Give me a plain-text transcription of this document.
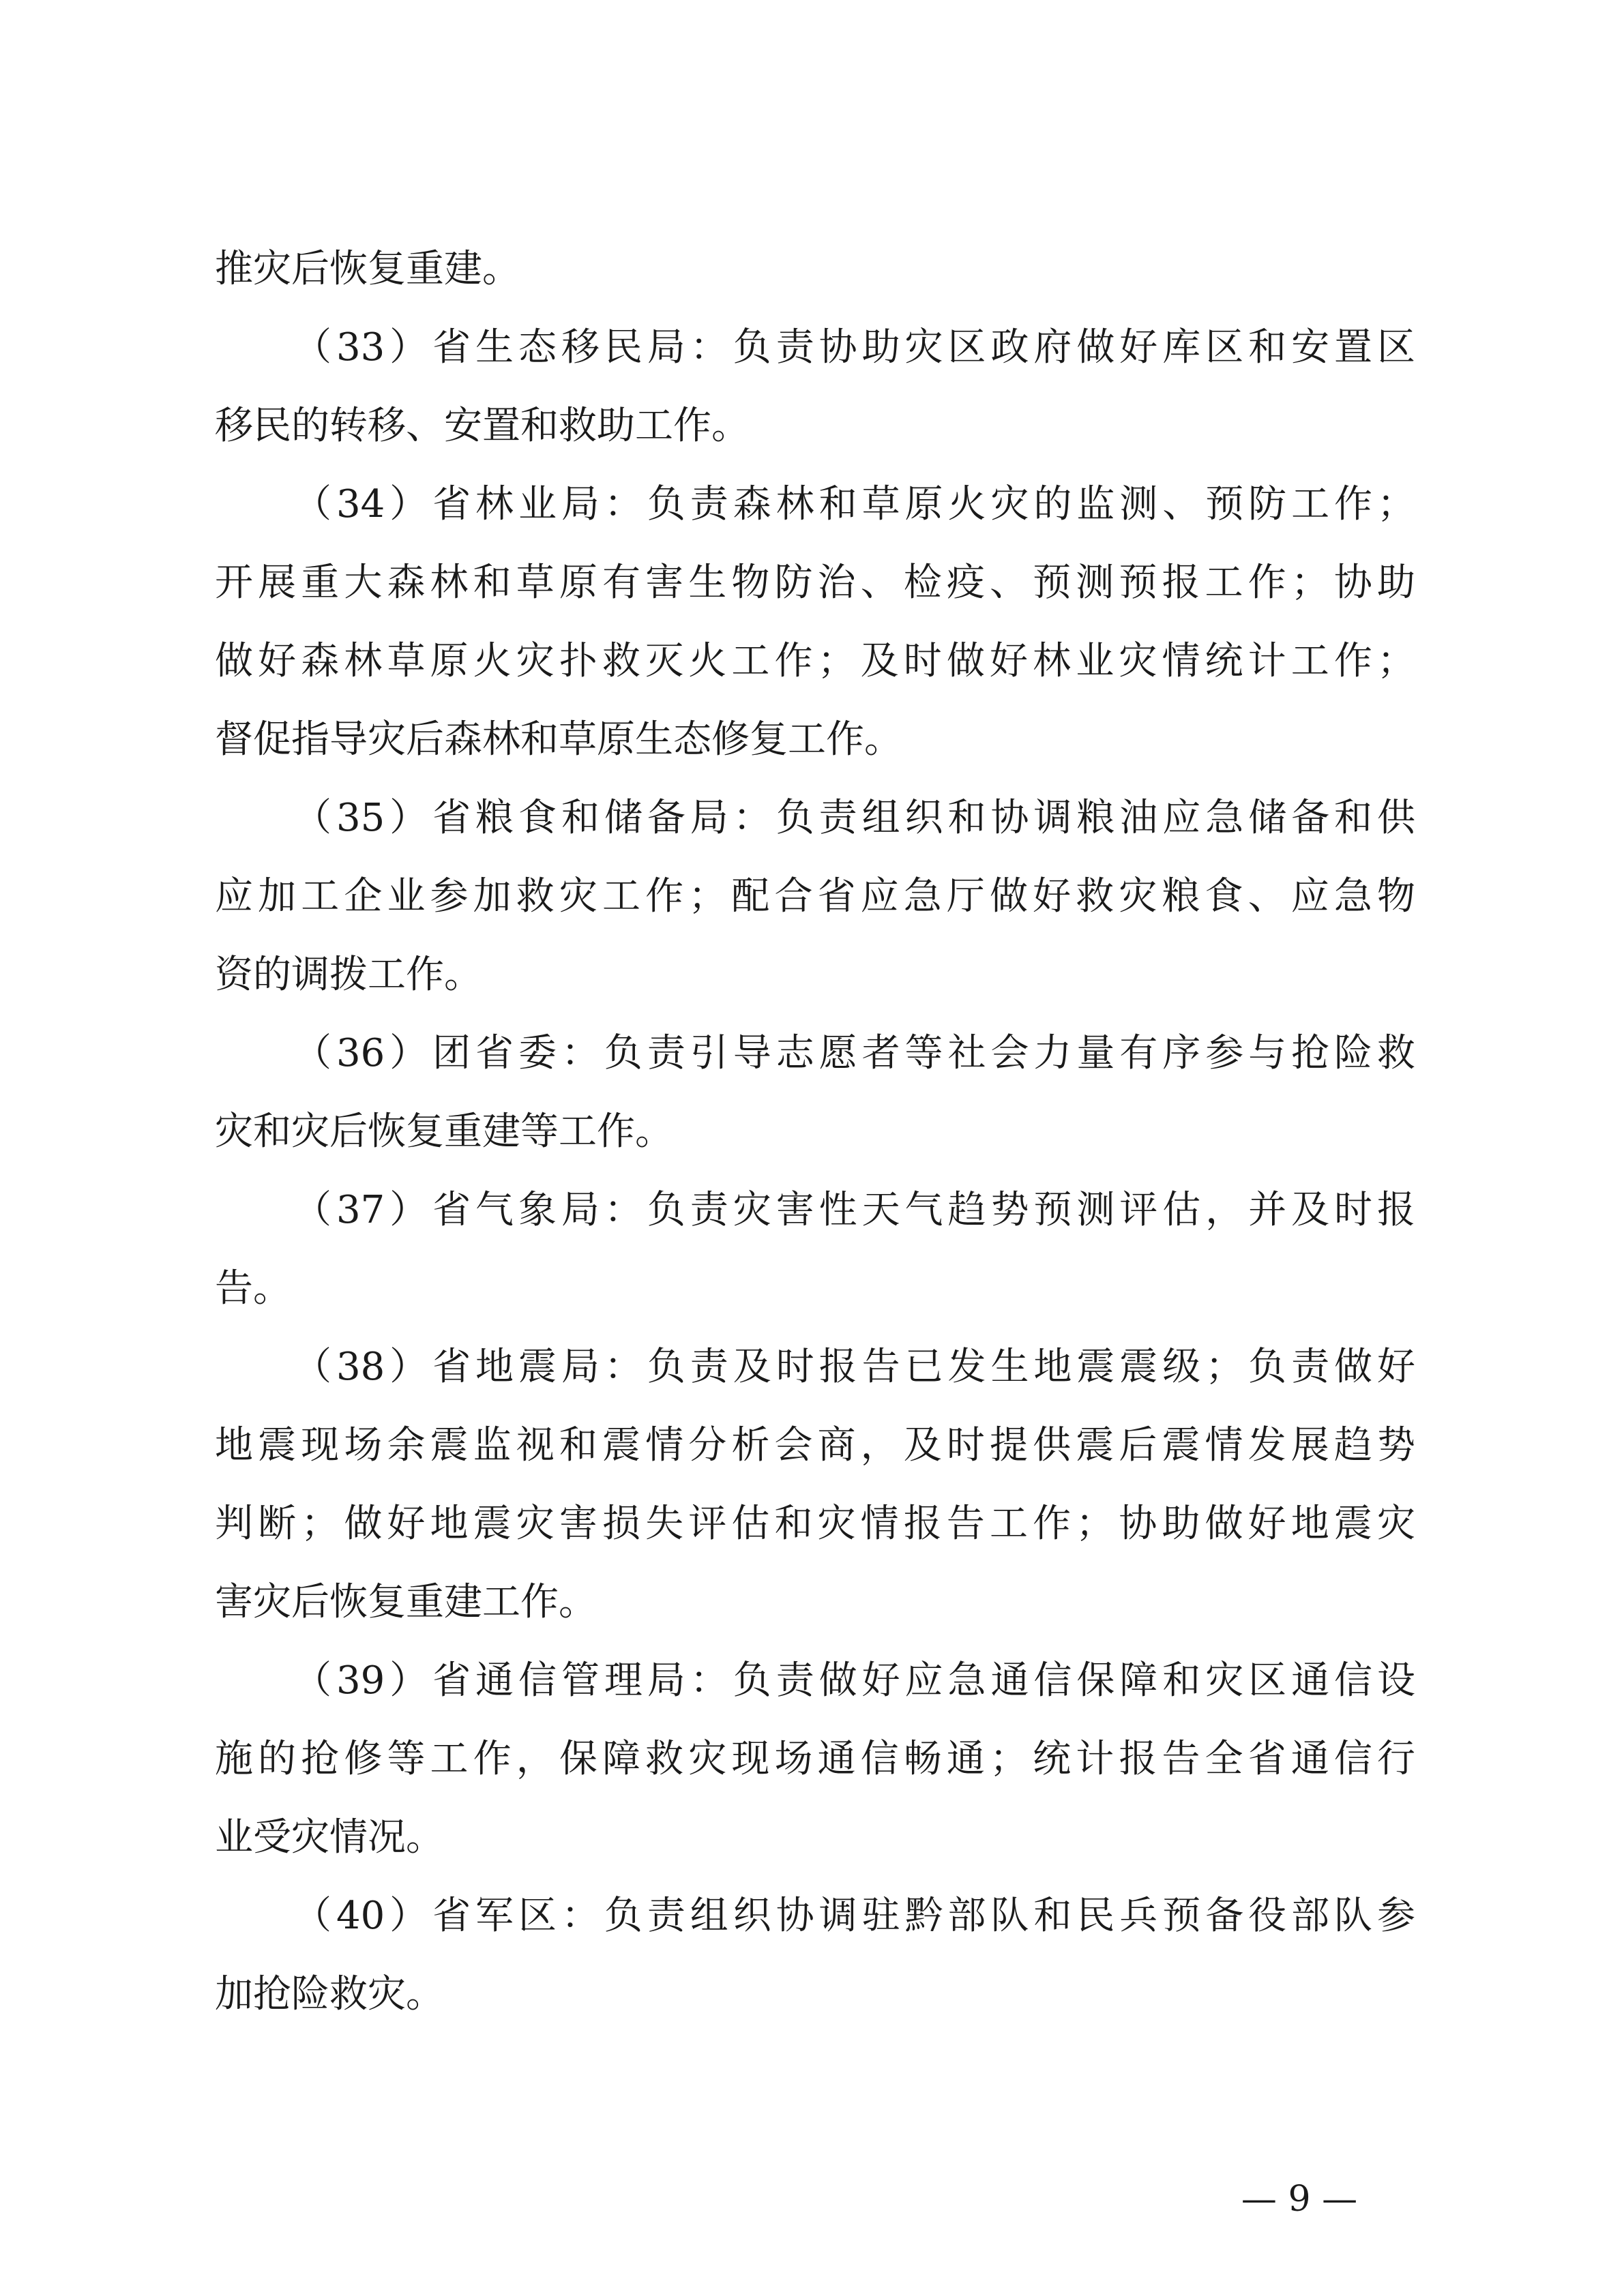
推灾后恢复重建。
（33）省生态移民局：负责协助灾区政府做好库区和安置区
移民的转移、安置和救助工作。
（34）省林业局：负责森林和草原火灾的监测、预防工作；
开展重大森林和草原有害生物防治、检疫、预测预报工作；协助
做好森林草原火灾扑救灭火工作；及时做好林业灾情统计工作；
督促指导灾后森林和草原生态修复工作。
（35）省粮食和储备局：负责组织和协调粮油应急储备和供
应加工企业参加救灾工作；配合省应急厅做好救灾粮食、应急物
资的调拨工作。
（36）团省委：负责引导志愿者等社会力量有序参与抢险救
灾和灾后恢复重建等工作。
（37）省气象局：负责灾害性天气趋势预测评估，并及时报
告。
（38）省地震局：负责及时报告已发生地震震级；负责做好
地震现场余震监视和震情分析会商，及时提供震后震情发展趋势
判断；做好地震灾害损失评估和灾情报告工作；协助做好地震灾
害灾后恢复重建工作。
（39）省通信管理局：负责做好应急通信保障和灾区通信设
施的抢修等工作，保障救灾现场通信畅通；统计报告全省通信行
业受灾情况。
（40）省军区：负责组织协调驻黔部队和民兵预备役部队参
加抢险救灾。
— 9 —
